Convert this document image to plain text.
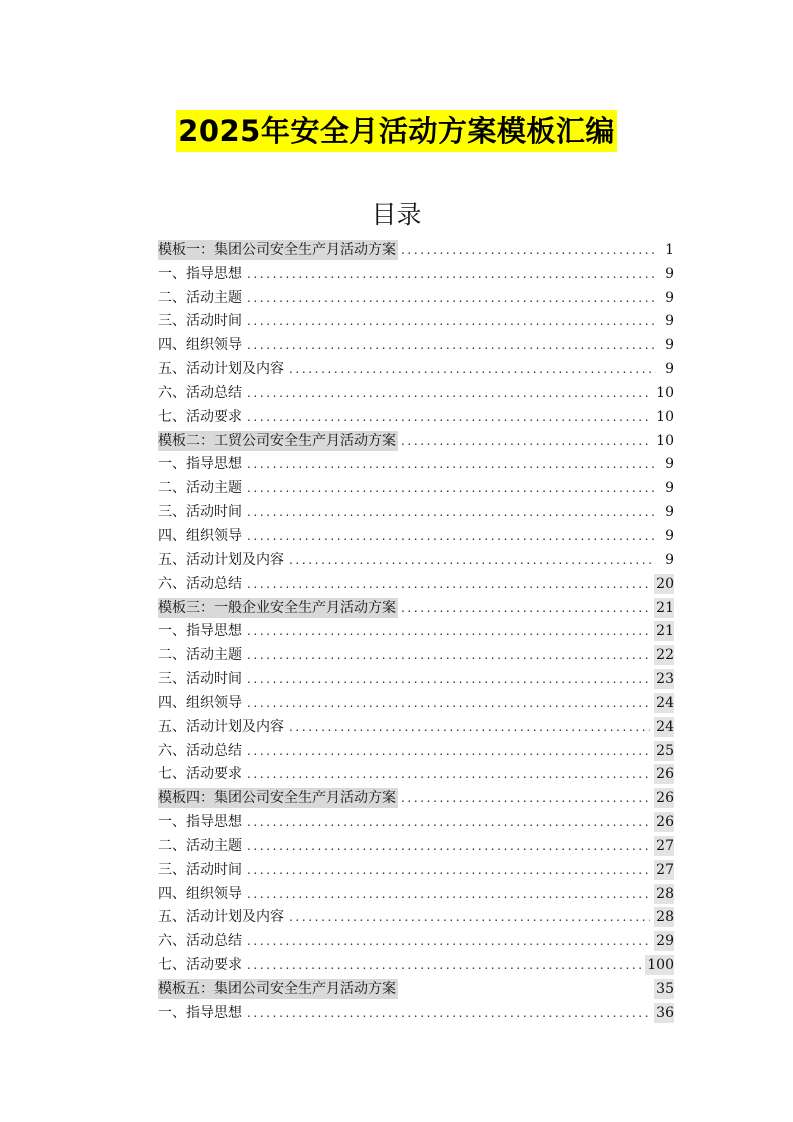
2025年安全月活动方案模板汇编
目录
模板一：集团公司安全生产月活动方案 .....	1
一、指导思想 .....	9
二、活动主题 .....	9
三、活动时间 .....	9
四、组织领导 .....	9
五、活动计划及内容 .....	9
六、活动总结 .....	10
七、活动要求 .....	10
模板二：工贸公司安全生产月活动方案 .....	10
一、指导思想 .....	9
二、活动主题 .....	9
三、活动时间 .....	9
四、组织领导 .....	9
五、活动计划及内容 .....	9
六、活动总结 .....	20
模板三：一般企业安全生产月活动方案 .....	21
一、指导思想 .....	21
二、活动主题 .....	22
三、活动时间 .....	23
四、组织领导 .....	24
五、活动计划及内容 .....	24
六、活动总结 .....	25
七、活动要求 .....	26
模板四：集团公司安全生产月活动方案 .....	26
一、指导思想 .....	26
二、活动主题 .....	27
三、活动时间 .....	27
四、组织领导 .....	28
五、活动计划及内容 .....	28
六、活动总结 .....	29
七、活动要求 .....	100
模板五：集团公司安全生产月活动方案	35
一、指导思想 .....	36
